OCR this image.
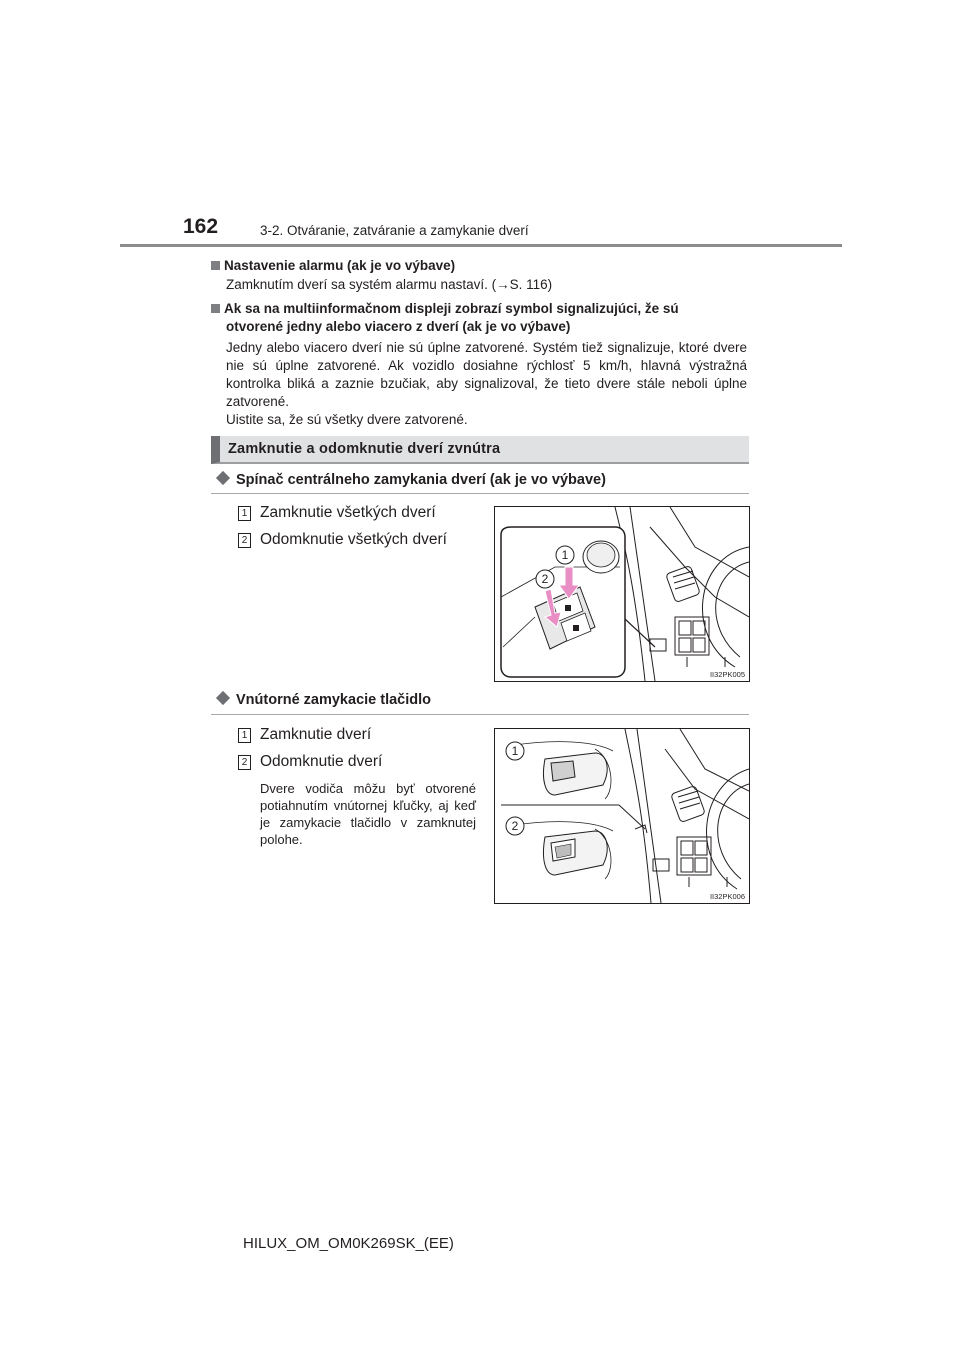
162	3-2. Otváranie, zatváranie a zamykanie dverí
Nastavenie alarmu (ak je vo výbave)
Zamknutím dverí sa systém alarmu nastaví. (→S. 116)
Ak sa na multiinformačnom displeji zobrazí symbol signalizujúci, že sú
otvorené jedny alebo viacero z dverí (ak je vo výbave)
Jedny alebo viacero dverí nie sú úplne zatvorené. Systém tiež signalizuje, ktoré dvere nie sú úplne zatvorené. Ak vozidlo dosiahne rýchlosť 5 km/h, hlavná výstražná kontrolka bliká a zaznie bzučiak, aby signalizoval, že tieto dvere stále neboli úplne zatvorené.
Uistite sa, že sú všetky dvere zatvorené.
Zamknutie a odomknutie dverí zvnútra
Spínač centrálneho zamykania dverí (ak je vo výbave)
1 Zamknutie všetkých dverí
2 Odomknutie všetkých dverí
1
2
II32PK005
Vnútorné zamykacie tlačidlo
1 Zamknutie dverí
2 Odomknutie dverí
Dvere vodiča môžu byť otvorené potiahnutím vnútornej kľučky, aj keď je zamykacie tlačidlo v zamknutej polohe.
1
2
II32PK006
HILUX_OM_OM0K269SK_(EE)
